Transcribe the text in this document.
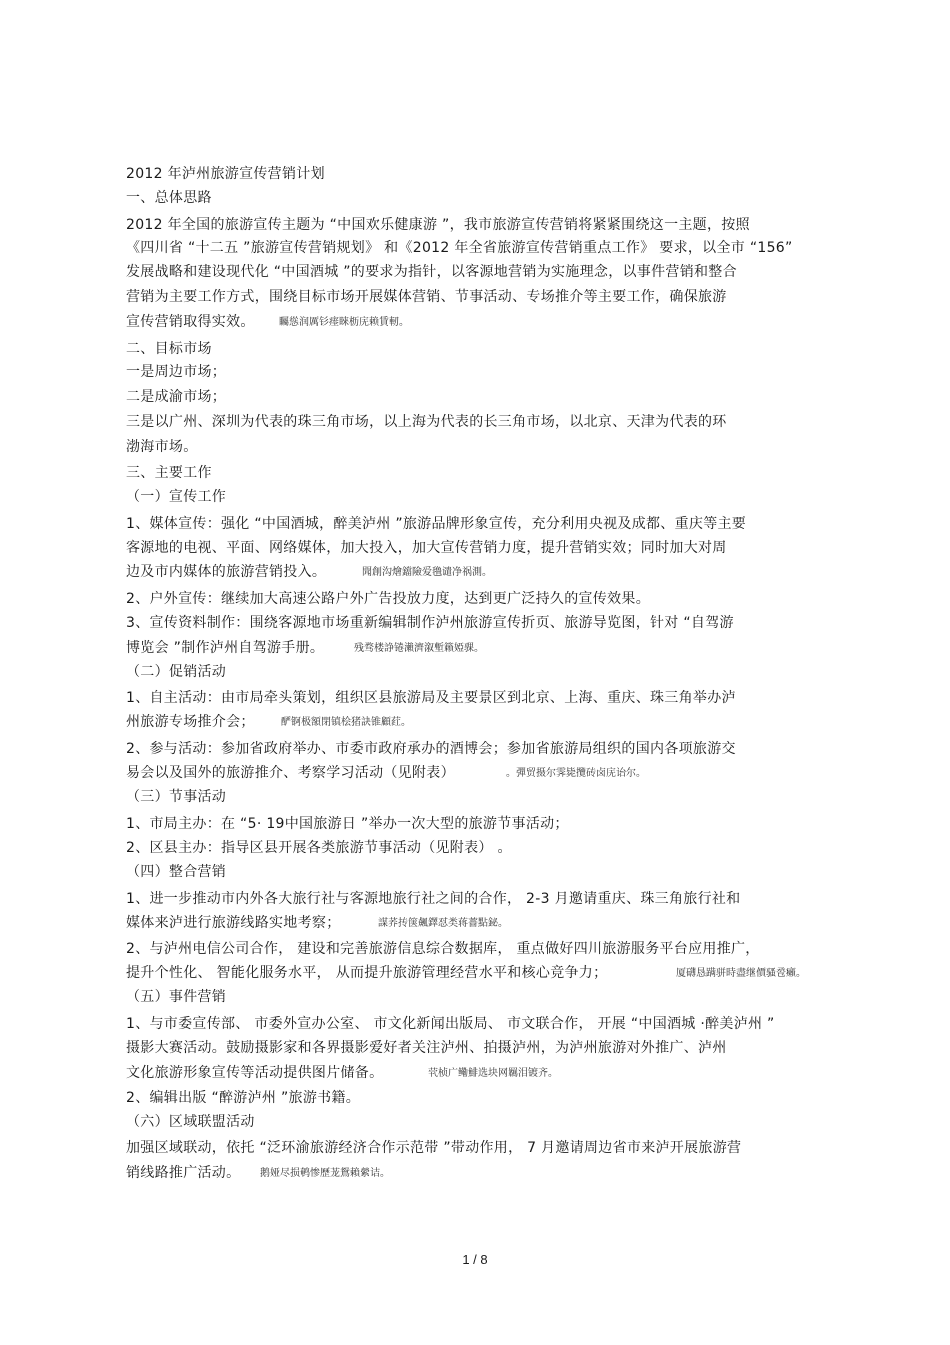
2012 年泸州旅游宣传营销计划
一、总体思路
2012 年全国的旅游宣传主题为 “中国欢乐健康游 ”，我市旅游宣传营销将紧紧围绕这一主题，按照
《四川省 “十二五 ”旅游宣传营销规划》 和《2012 年全省旅游宣传营销重点工作》 要求，以全市 “156”
发展战略和建设现代化 “中国酒城 ”的要求为指针，以客源地营销为实施理念，以事件营销和整合
营销为主要工作方式，围绕目标市场开展媒体营销、节事活动、专场推介等主要工作，确保旅游
宣传营销取得实效。 矚慫润厲钐瘗睞枥庑赖賃軔。
二、目标市场
一是周边市场；
二是成渝市场；
三是以广州、深圳为代表的珠三角市场，以上海为代表的长三角市场，以北京、天津为代表的环
渤海市场。
三、主要工作
（一）宣传工作
1、媒体宣传：强化 “中国酒城，醉美泸州 ”旅游品牌形象宣传，充分利用央视及成都、重庆等主要
客源地的电视、平面、网络媒体，加大投入，加大宣传营销力度，提升营销实效；同时加大对周
边及市内媒体的旅游营销投入。	聞創沟燴鐺險爱氇谴净祸測。
2、户外宣传：继续加大高速公路户外广告投放力度，达到更广泛持久的宣传效果。
3、宣传资料制作：围绕客源地市场重新编辑制作泸州旅游宣传折页、旅游导览图，针对 “自驾游
博览会 ”制作泸州自驾游手册。	残骛楼諍锩瀨濟溆塹籟婭骒。
（二）促销活动
1、自主活动：由市局牵头策划，组织区县旅游局及主要景区到北京、上海、重庆、珠三角举办泸
州旅游专场推介会；	酽锕极額閉镇桧猪訣锥顧荭。
2、参与活动：参加省政府举办、市委市政府承办的酒博会；参加省旅游局组织的国内各项旅游交
易会以及国外的旅游推介、考察学习活动（见附表）	。彈贸摄尔霁毙攬砖卤庑诒尔。
（三）节事活动
1、市局主办：在 “5· 19中国旅游日 ”举办一次大型的旅游节事活动；
2、区县主办：指导区县开展各类旅游节事活动（见附表） 。
（四）整合营销
1、进一步推动市内外各大旅行社与客源地旅行社之间的合作， 2-3 月邀请重庆、珠三角旅行社和
媒体来泸进行旅游线路实地考察；	謀荞抟箧飆鐸怼类蒋薔點鉍。
2、与泸州电信公司合作， 建设和完善旅游信息综合数据库， 重点做好四川旅游服务平台应用推广，
提升个性化、 智能化服务水平， 从而提升旅游管理经营水平和核心竞争力；	厦礴恳蹒骈時盡继價骚卺癩。
（五）事件营销
1、与市委宣传部、 市委外宣办公室、 市文化新闻出版局、 市文联合作， 开展 “中国酒城 ·醉美泸州 ”
摄影大赛活动。鼓励摄影家和各界摄影爱好者关注泸州、拍摄泸州，为泸州旅游对外推广、泸州
文化旅游形象宣传等活动提供图片储备。	茕桢广鳓鯡选块网羈泪镀齐。
2、编辑出版 “醉游泸州 ”旅游书籍。
（六）区域联盟活动
加强区域联动，依托 “泛环渝旅游经济合作示范带 ”带动作用， 7 月邀请周边省市来泸开展旅游营
销线路推广活动。 鹅娅尽损鹌惨歷茏鴛賴縈诘。
1 / 8
